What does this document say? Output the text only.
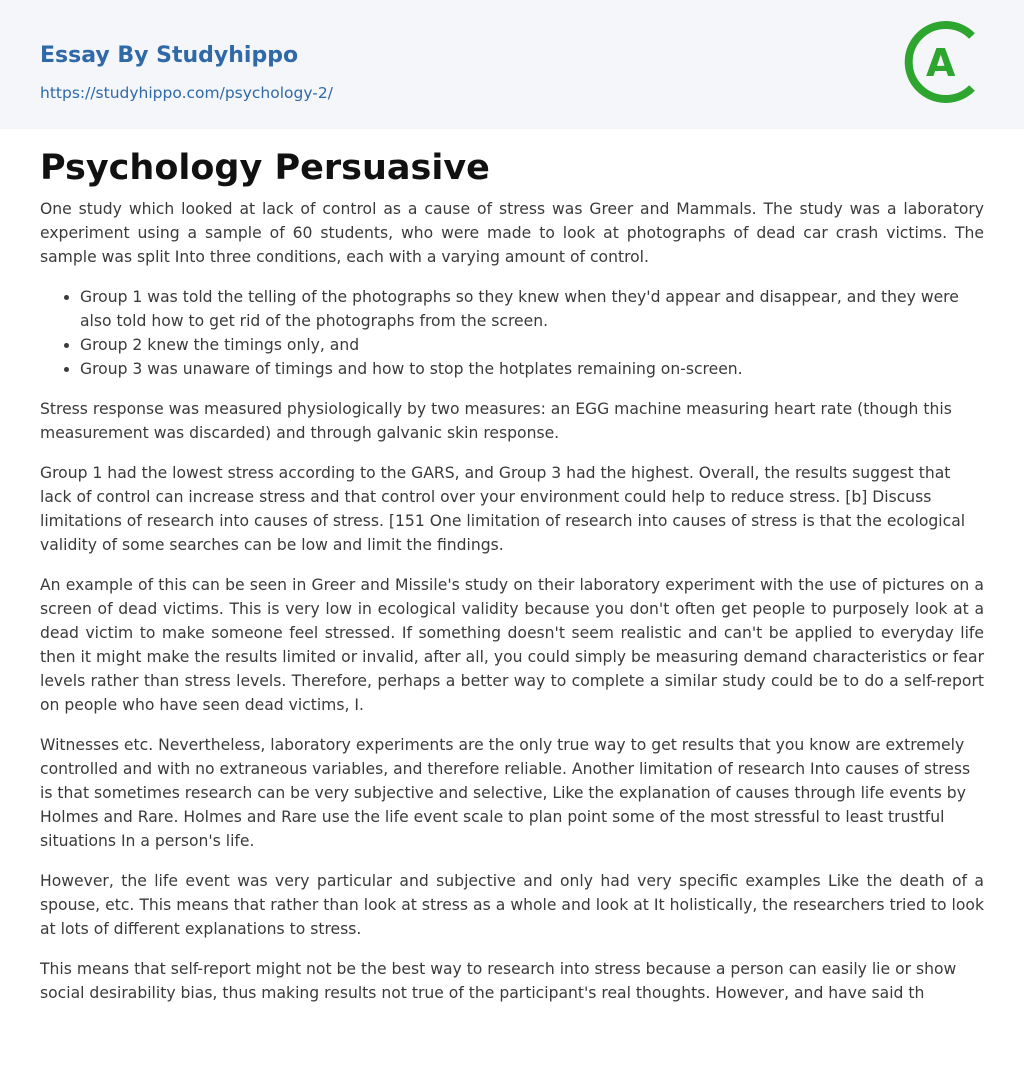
Essay By Studyhippo
https://studyhippo.com/psychology-2/
A
Psychology Persuasive

One study which looked at lack of control as a cause of stress was Greer and Mammals. The study was a laboratory experiment using a sample of 60 students, who were made to look at photographs of dead car crash victims. The sample was split Into three conditions, each with a varying amount of control.

• Group 1 was told the telling of the photographs so they knew when they'd appear and disappear, and they were also told how to get rid of the photographs from the screen.
• Group 2 knew the timings only, and
• Group 3 was unaware of timings and how to stop the hotplates remaining on-screen.

Stress response was measured physiologically by two measures: an EGG machine measuring heart rate (though this measurement was discarded) and through galvanic skin response.

Group 1 had the lowest stress according to the GARS, and Group 3 had the highest. Overall, the results suggest that lack of control can increase stress and that control over your environment could help to reduce stress. [b] Discuss limitations of research into causes of stress. [151 One limitation of research into causes of stress is that the ecological validity of some searches can be low and limit the findings.

An example of this can be seen in Greer and Missile's study on their laboratory experiment with the use of pictures on a screen of dead victims. This is very low in ecological validity because you don't often get people to purposely look at a dead victim to make someone feel stressed. If something doesn't seem realistic and can't be applied to everyday life then it might make the results limited or invalid, after all, you could simply be measuring demand characteristics or fear levels rather than stress levels. Therefore, perhaps a better way to complete a similar study could be to do a self-report on people who have seen dead victims, I.

Witnesses etc. Nevertheless, laboratory experiments are the only true way to get results that you know are extremely controlled and with no extraneous variables, and therefore reliable. Another limitation of research Into causes of stress is that sometimes research can be very subjective and selective, Like the explanation of causes through life events by Holmes and Rare. Holmes and Rare use the life event scale to plan point some of the most stressful to least trustful situations In a person's life.

However, the life event was very particular and subjective and only had very specific examples Like the death of a spouse, etc. This means that rather than look at stress as a whole and look at It holistically, the researchers tried to look at lots of different explanations to stress.

This means that self-report might not be the best way to research into stress because a person can easily lie or show social desirability bias, thus making results not true of the participant's real thoughts. However, and have said th
